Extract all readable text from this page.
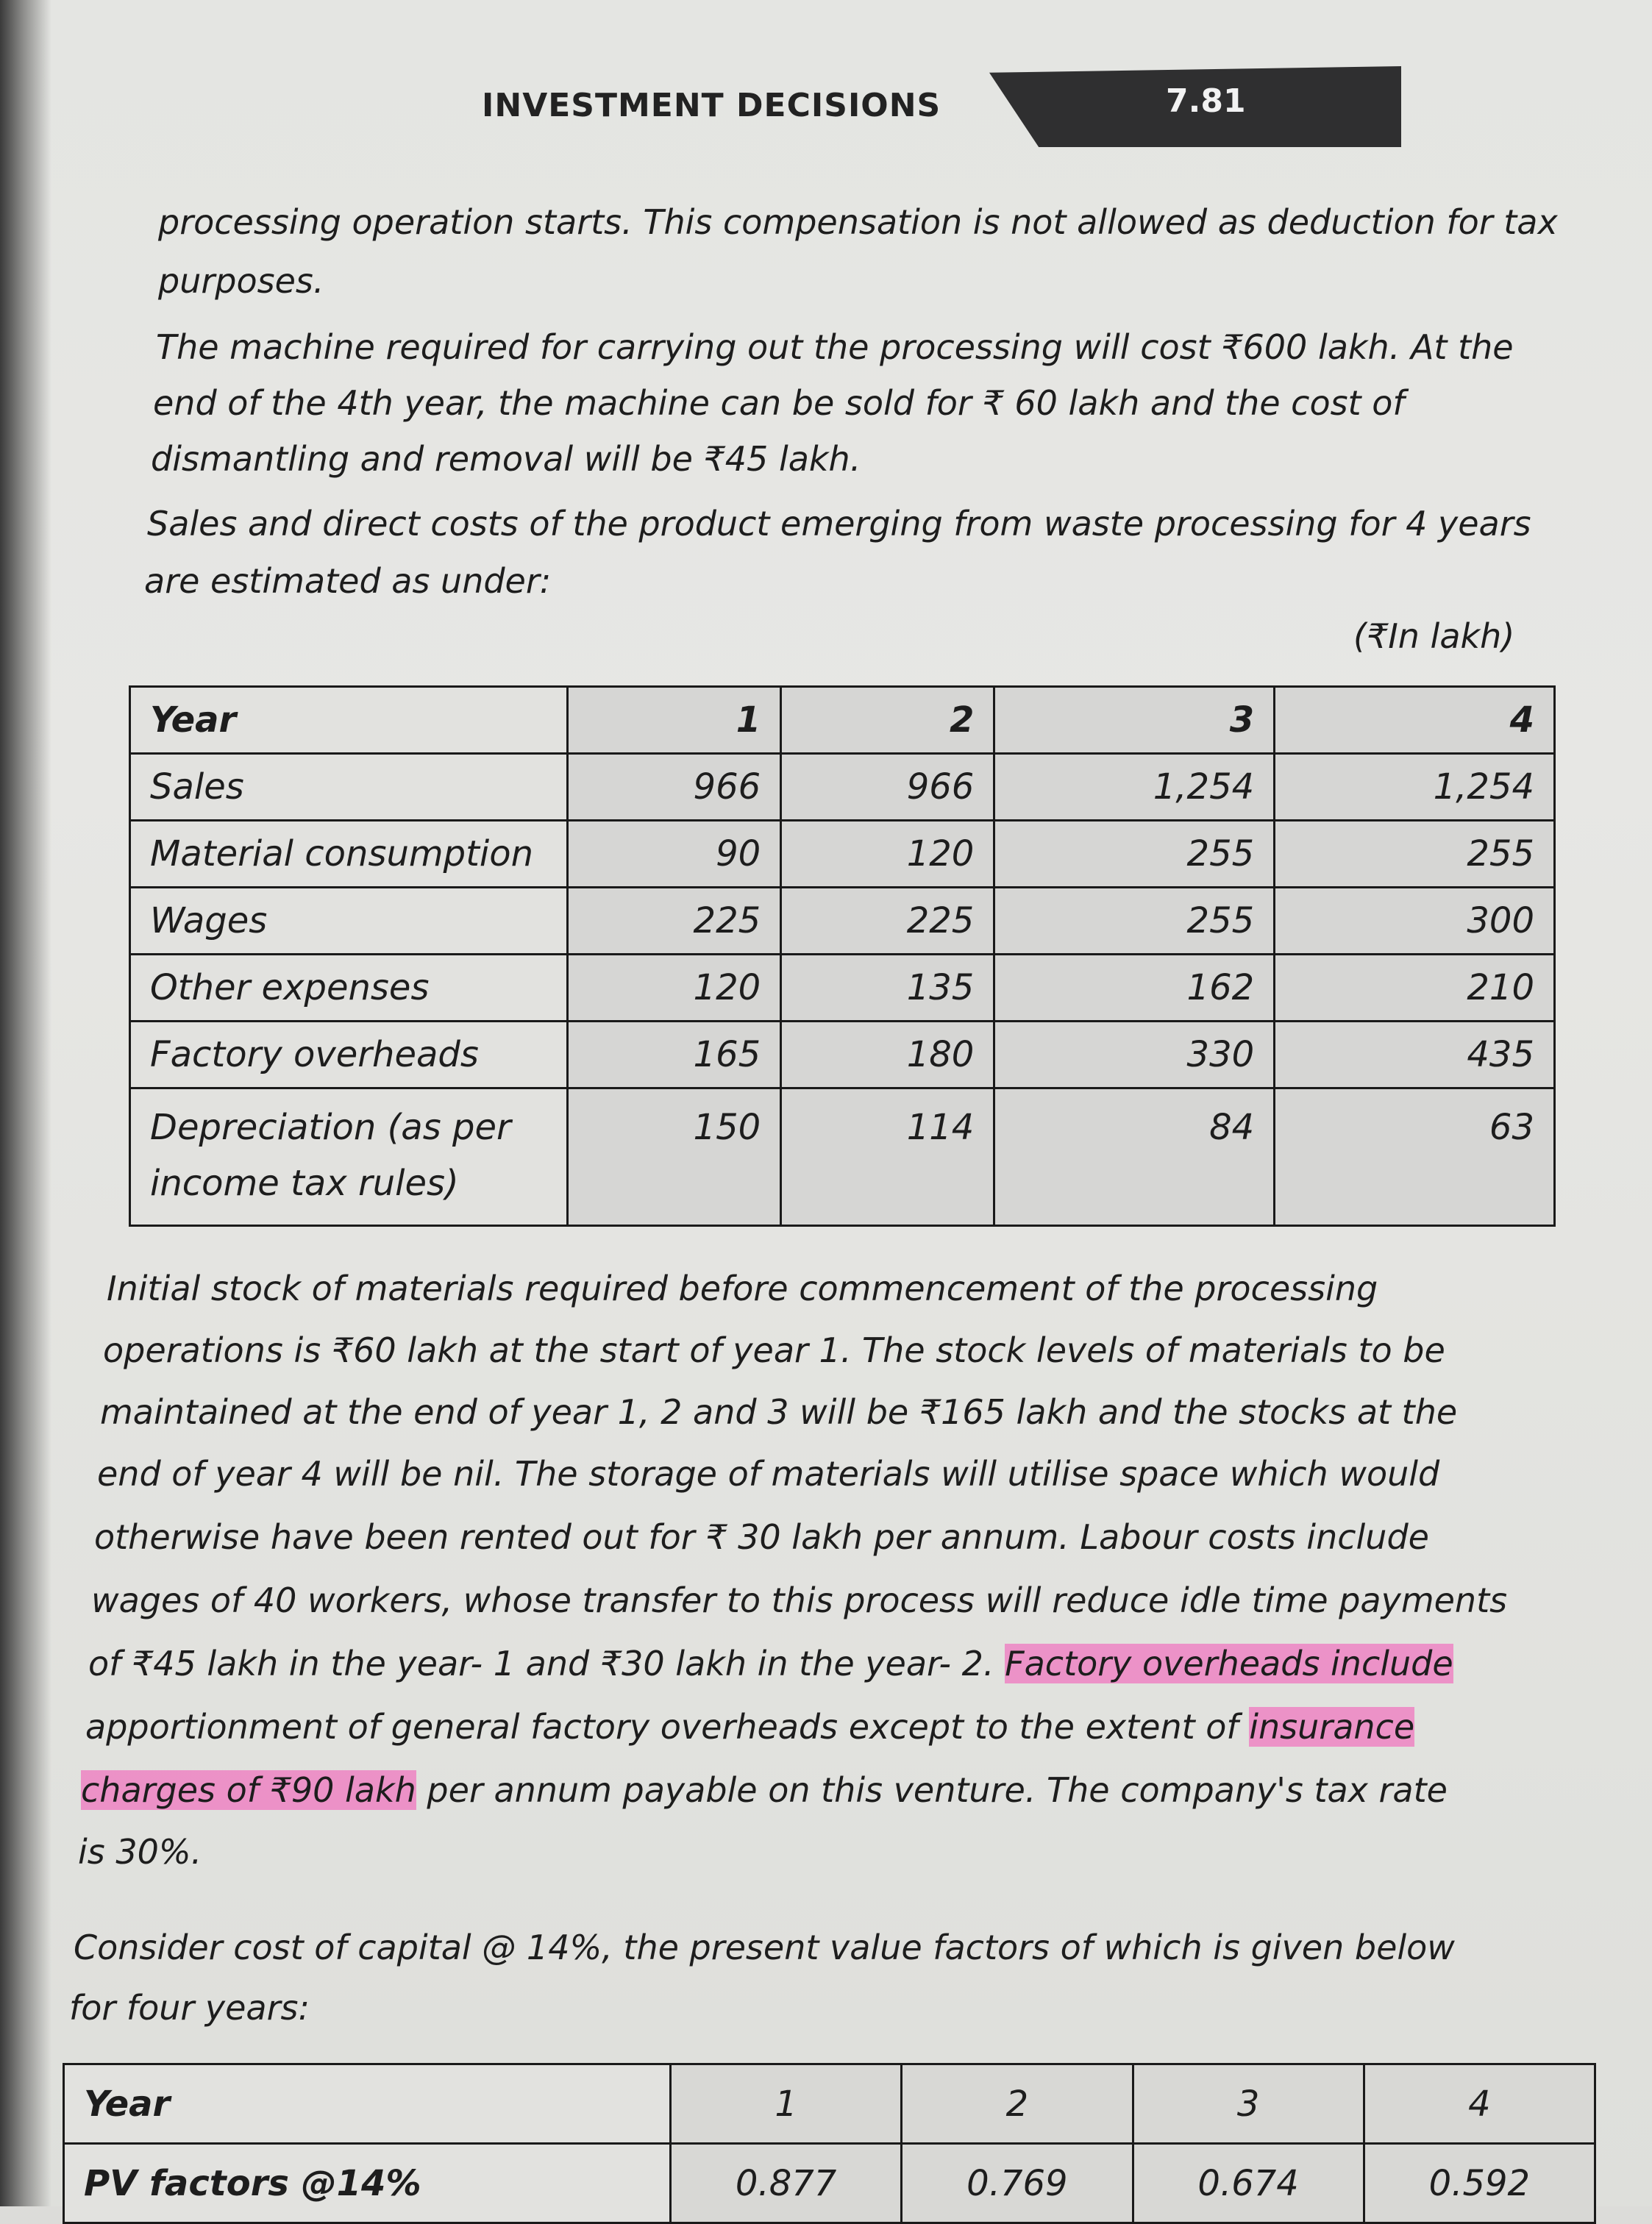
INVESTMENT DECISIONS	7.81
processing operation starts. This compensation is not allowed as deduction for tax
purposes.
The machine required for carrying out the processing will cost ₹600 lakh. At the
end of the 4th year, the machine can be sold for ₹ 60 lakh and the cost of
dismantling and removal will be ₹45 lakh.
Sales and direct costs of the product emerging from waste processing for 4 years
are estimated as under:
(₹In lakh)
Year	1	2	3	4
Sales	966	966	1,254	1,254
Material consumption	90	120	255	255
Wages	225	225	255	300
Other expenses	120	135	162	210
Factory overheads	165	180	330	435

Depreciation (as per
income tax rules)	150	114	84	63
Initial stock of materials required before commencement of the processing
operations is ₹60 lakh at the start of year 1. The stock levels of materials to be
maintained at the end of year 1, 2 and 3 will be ₹165 lakh and the stocks at the
end of year 4 will be nil. The storage of materials will utilise space which would
otherwise have been rented out for ₹ 30 lakh per annum. Labour costs include
wages of 40 workers, whose transfer to this process will reduce idle time payments
of ₹45 lakh in the year- 1 and ₹30 lakh in the year- 2. Factory overheads include
apportionment of general factory overheads except to the extent of insurance
charges of ₹90 lakh per annum payable on this venture. The company's tax rate
is 30%.
Consider cost of capital @ 14%, the present value factors of which is given below
for four years:
Year	1	2	3	4
PV factors @14%	0.877	0.769	0.674	0.592
